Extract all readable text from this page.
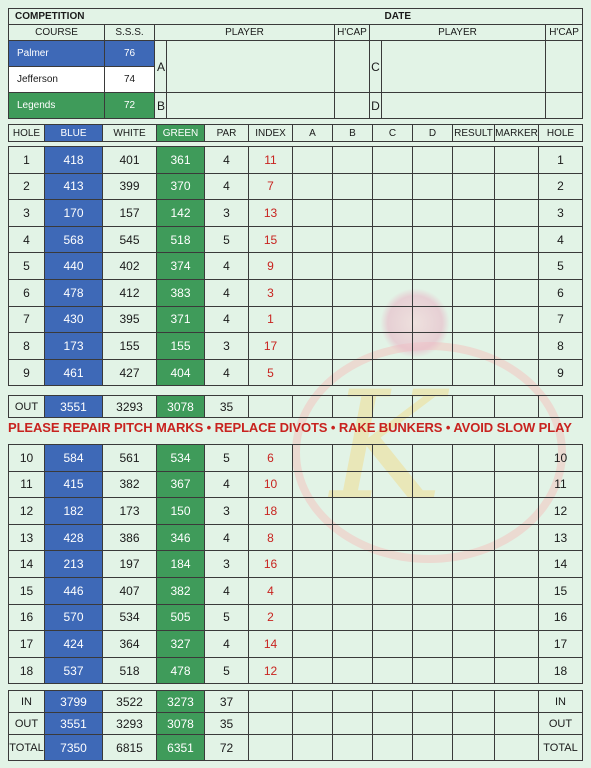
K
COMPETITION				DATE			
COURSE	S.S.S.	PLAYER		H'CAP	PLAYER		H'CAP
Palmer	76	A			C		
Jefferson	74						
Legends	72	B			D		
HOLE	BLUE	WHITE	GREEN	PAR	INDEX	A	B	C	D	RESULT	MARKER	HOLE
1	418	401	361	4	11							1
2	413	399	370	4	7							2
3	170	157	142	3	13							3
4	568	545	518	5	15							4
5	440	402	374	4	9							5
6	478	412	383	4	3							6
7	430	395	371	4	1							7
8	173	155	155	3	17							8
9	461	427	404	4	5							9
OUT	3551	3293	3078	35								
PLEASE REPAIR PITCH MARKS • REPLACE DIVOTS • RAKE BUNKERS • AVOID SLOW PLAY
10	584	561	534	5	6							10
11	415	382	367	4	10							11
12	182	173	150	3	18							12
13	428	386	346	4	8							13
14	213	197	184	3	16							14
15	446	407	382	4	4							15
16	570	534	505	5	2							16
17	424	364	327	4	14							17
18	537	518	478	5	12							18
IN	3799	3522	3273	37								IN
OUT	3551	3293	3078	35								OUT
TOTAL	7350	6815	6351	72								TOTAL
